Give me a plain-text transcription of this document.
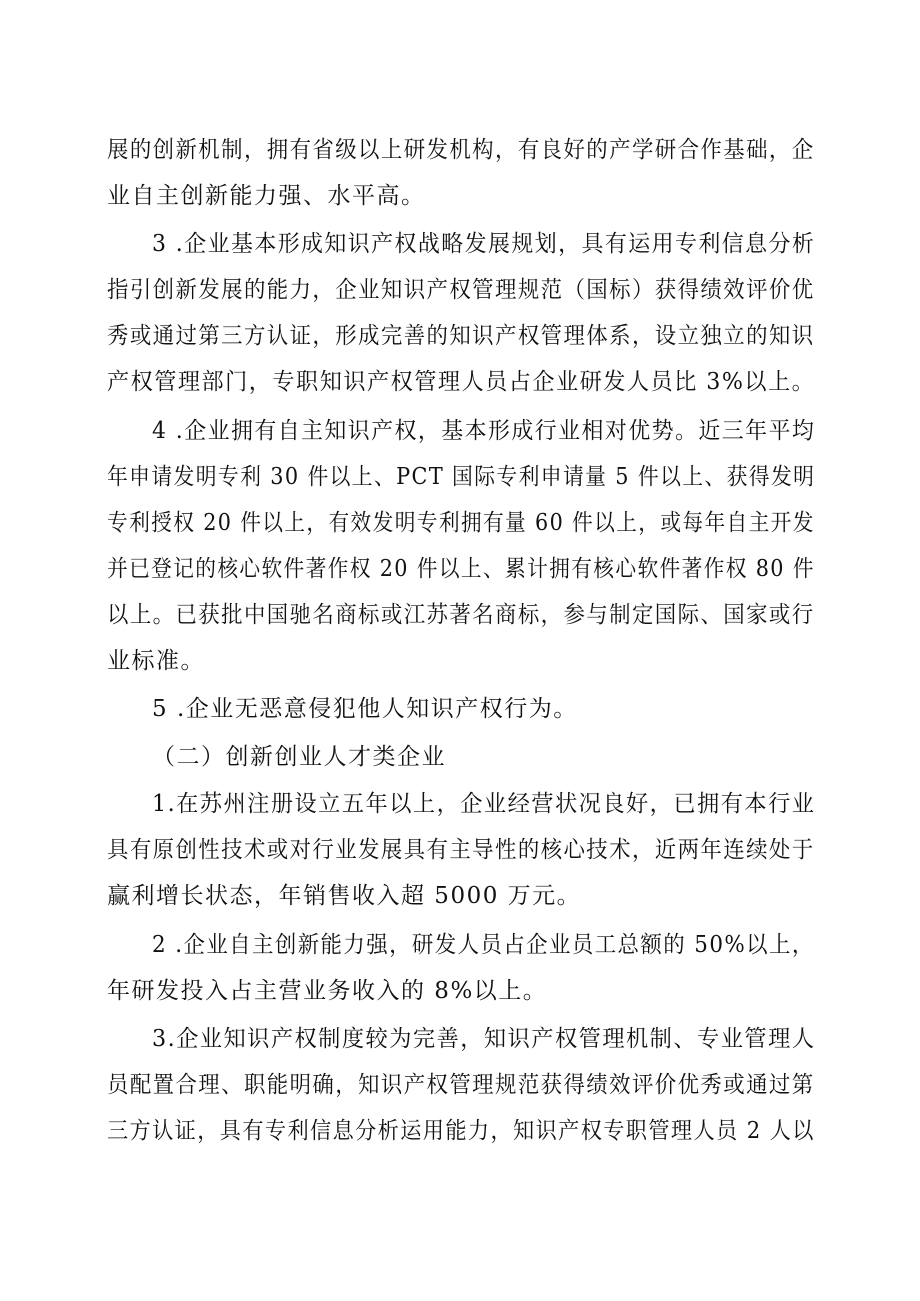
展的创新机制，拥有省级以上研发机构，有良好的产学研合作基础，企
业自主创新能力强、水平高。
3 .企业基本形成知识产权战略发展规划，具有运用专利信息分析
指引创新发展的能力，企业知识产权管理规范（国标）获得绩效评价优
秀或通过第三方认证，形成完善的知识产权管理体系，设立独立的知识
产权管理部门，专职知识产权管理人员占企业研发人员比 3%以上。
4 .企业拥有自主知识产权，基本形成行业相对优势。近三年平均
年申请发明专利 30 件以上、PCT 国际专利申请量 5 件以上、获得发明
专利授权 20 件以上，有效发明专利拥有量 60 件以上，或每年自主开发
并已登记的核心软件著作权 20 件以上、累计拥有核心软件著作权 80 件
以上。已获批中国驰名商标或江苏著名商标，参与制定国际、国家或行
业标准。
5 .企业无恶意侵犯他人知识产权行为。
（二）创新创业人才类企业
1.在苏州注册设立五年以上，企业经营状况良好，已拥有本行业
具有原创性技术或对行业发展具有主导性的核心技术，近两年连续处于
赢利增长状态，年销售收入超 5000 万元。
2 .企业自主创新能力强，研发人员占企业员工总额的 50%以上，
年研发投入占主营业务收入的 8%以上。
3.企业知识产权制度较为完善，知识产权管理机制、专业管理人
员配置合理、职能明确，知识产权管理规范获得绩效评价优秀或通过第
三方认证，具有专利信息分析运用能力，知识产权专职管理人员 2 人以
